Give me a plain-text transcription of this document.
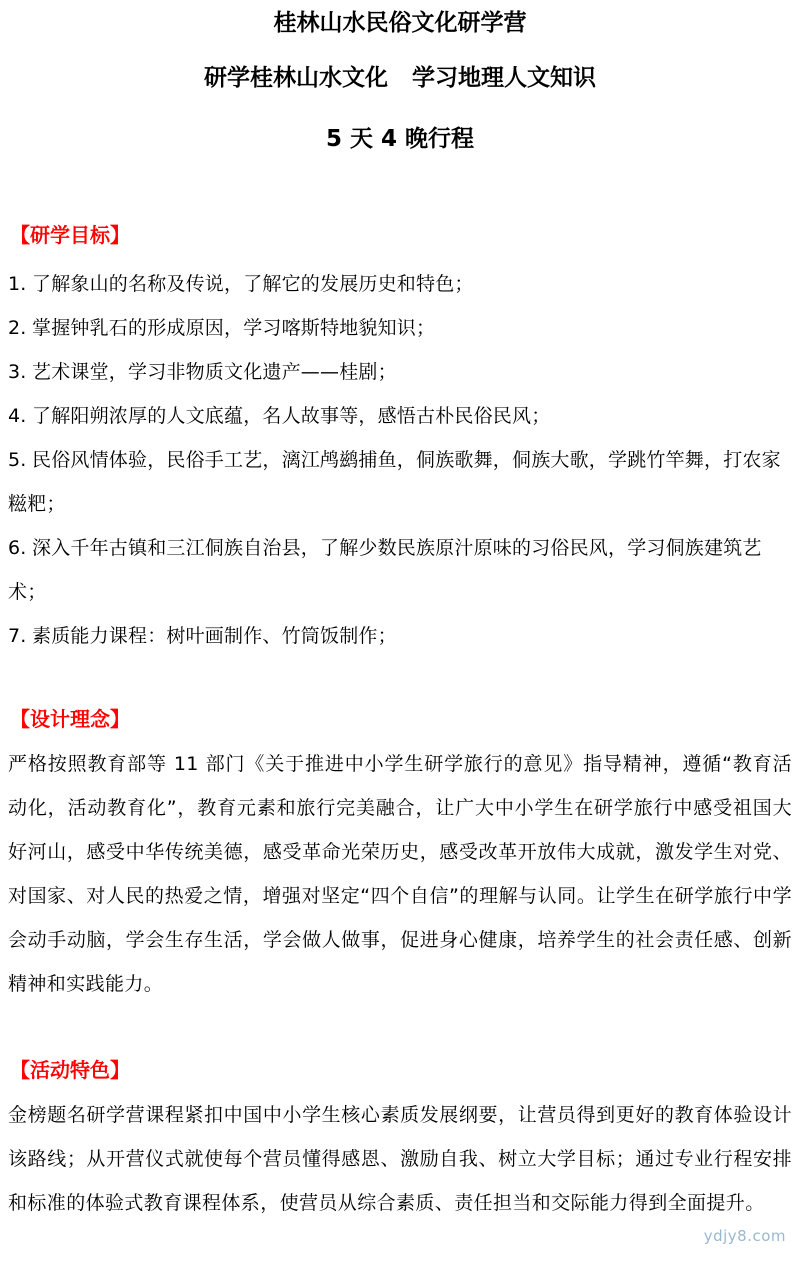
桂林山水民俗文化研学营
研学桂林山水文化 学习地理人文知识
5 天 4 晚行程
【研学目标】
1. 了解象山的名称及传说，了解它的发展历史和特色；
2. 掌握钟乳石的形成原因，学习喀斯特地貌知识；
3. 艺术课堂，学习非物质文化遗产——桂剧；
4. 了解阳朔浓厚的人文底蕴，名人故事等，感悟古朴民俗民风；
5. 民俗风情体验，民俗手工艺，漓江鸬鹚捕鱼，侗族歌舞，侗族大歌，学跳竹竿舞，打农家糍粑；
6. 深入千年古镇和三江侗族自治县，了解少数民族原汁原味的习俗民风，学习侗族建筑艺术；
7. 素质能力课程：树叶画制作、竹筒饭制作；
【设计理念】
严格按照教育部等 11 部门《关于推进中小学生研学旅行的意见》指导精神，遵循“教育活动化，活动教育化”，教育元素和旅行完美融合，让广大中小学生在研学旅行中感受祖国大好河山，感受中华传统美德，感受革命光荣历史，感受改革开放伟大成就，激发学生对党、对国家、对人民的热爱之情，增强对坚定“四个自信”的理解与认同。让学生在研学旅行中学会动手动脑，学会生存生活，学会做人做事，促进身心健康，培养学生的社会责任感、创新精神和实践能力。
【活动特色】
金榜题名研学营课程紧扣中国中小学生核心素质发展纲要，让营员得到更好的教育体验设计该路线；从开营仪式就使每个营员懂得感恩、激励自我、树立大学目标；通过专业行程安排和标准的体验式教育课程体系，使营员从综合素质、责任担当和交际能力得到全面提升。
ydjy8.com
